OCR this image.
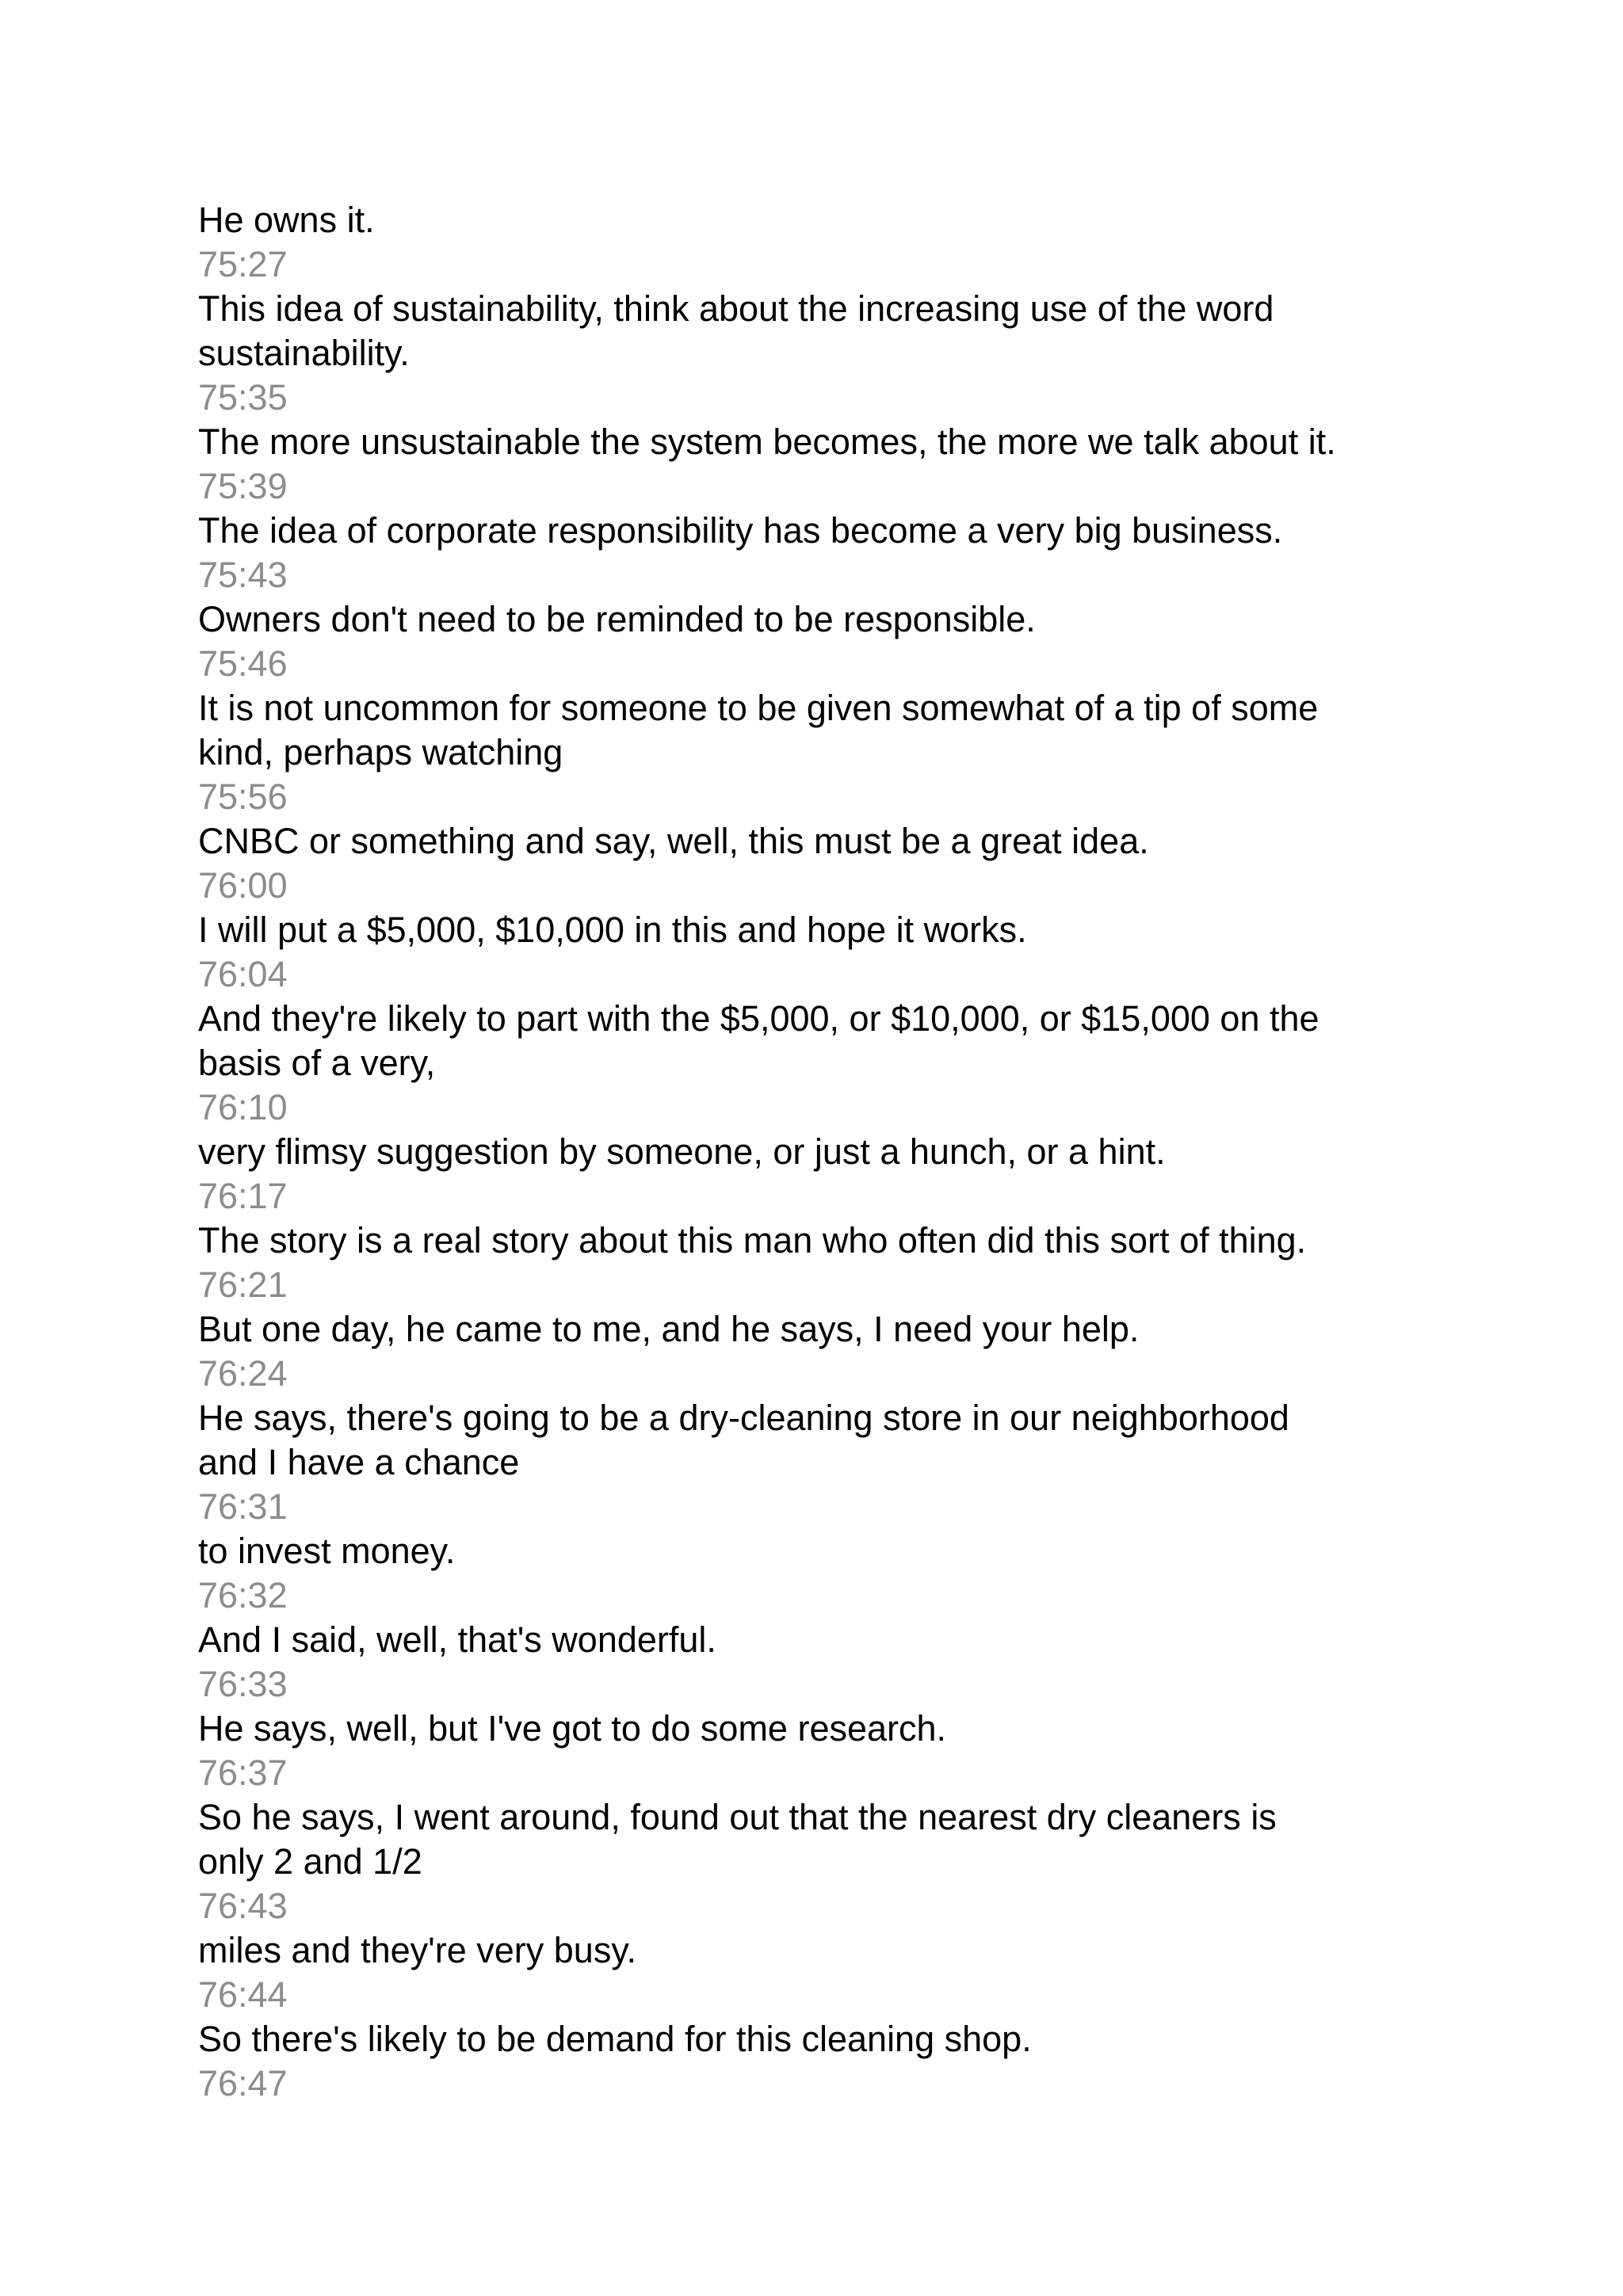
He owns it.
75:27
This idea of sustainability, think about the increasing use of the word
sustainability.
75:35
The more unsustainable the system becomes, the more we talk about it.
75:39
The idea of corporate responsibility has become a very big business.
75:43
Owners don't need to be reminded to be responsible.
75:46
It is not uncommon for someone to be given somewhat of a tip of some
kind, perhaps watching
75:56
CNBC or something and say, well, this must be a great idea.
76:00
I will put a $5,000, $10,000 in this and hope it works.
76:04
And they're likely to part with the $5,000, or $10,000, or $15,000 on the
basis of a very,
76:10
very flimsy suggestion by someone, or just a hunch, or a hint.
76:17
The story is a real story about this man who often did this sort of thing.
76:21
But one day, he came to me, and he says, I need your help.
76:24
He says, there's going to be a dry-cleaning store in our neighborhood
and I have a chance
76:31
to invest money.
76:32
And I said, well, that's wonderful.
76:33
He says, well, but I've got to do some research.
76:37
So he says, I went around, found out that the nearest dry cleaners is
only 2 and 1/2
76:43
miles and they're very busy.
76:44
So there's likely to be demand for this cleaning shop.
76:47
